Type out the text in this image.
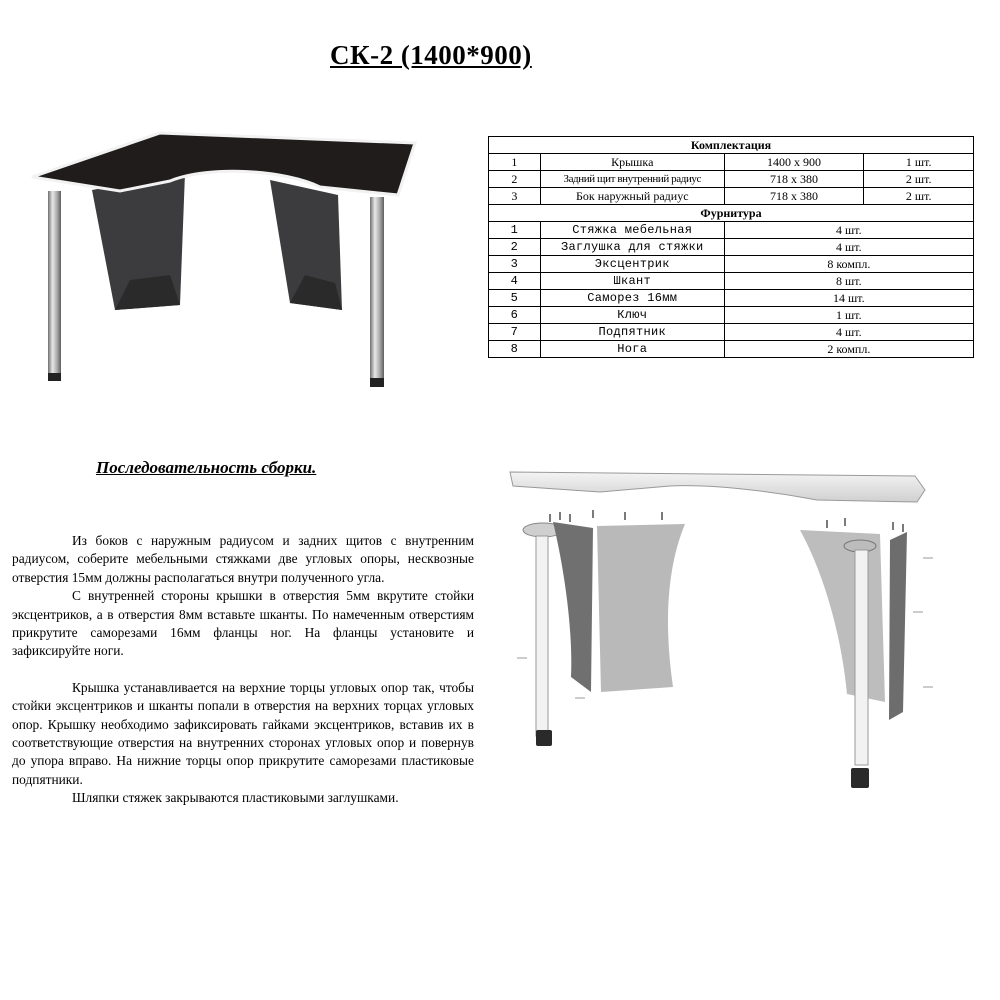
СК-2 (1400*900)
Комплектация			
1	Крышка	1400 х 900	1 шт.
2	Задний щит внутренний радиус	718 х 380	2 шт.
3	Бок наружный радиус	718 х 380	2 шт.
Фурнитура			
1	Стяжка мебельная	4 шт.	
2	Заглушка для стяжки	4 шт.	
3	Эксцентрик	8 компл.	
4	Шкант	8 шт.	
5	Саморез 16мм	14 шт.	
6	Ключ	1 шт.	
7	Подпятник	4 шт.	
8	Нога	2 компл.	
Последовательность сборки.

Из боков с наружным радиусом и задних щитов с внутренним радиусом, соберите мебельными стяжками две угловых опоры, несквозные отверстия 15мм должны располагаться внутри полученного угла.

С внутренней стороны крышки в отверстия 5мм вкрутите стойки эксцентриков, а в отверстия 8мм вставьте шканты. По намеченным отверстиям прикрутите саморезами 16мм фланцы ног. На фланцы установите и зафиксируйте ноги.

Крышка устанавливается на верхние торцы угловых опор так, чтобы стойки эксцентриков и шканты попали в отверстия на верхних торцах угловых опор. Крышку необходимо зафиксировать гайками эксцентриков, вставив их в соответствующие отверстия на внутренних сторонах угловых опор и повернув до упора вправо. На нижние торцы опор прикрутите саморезами пластиковые подпятники.

Шляпки стяжек закрываются пластиковыми заглушками.
